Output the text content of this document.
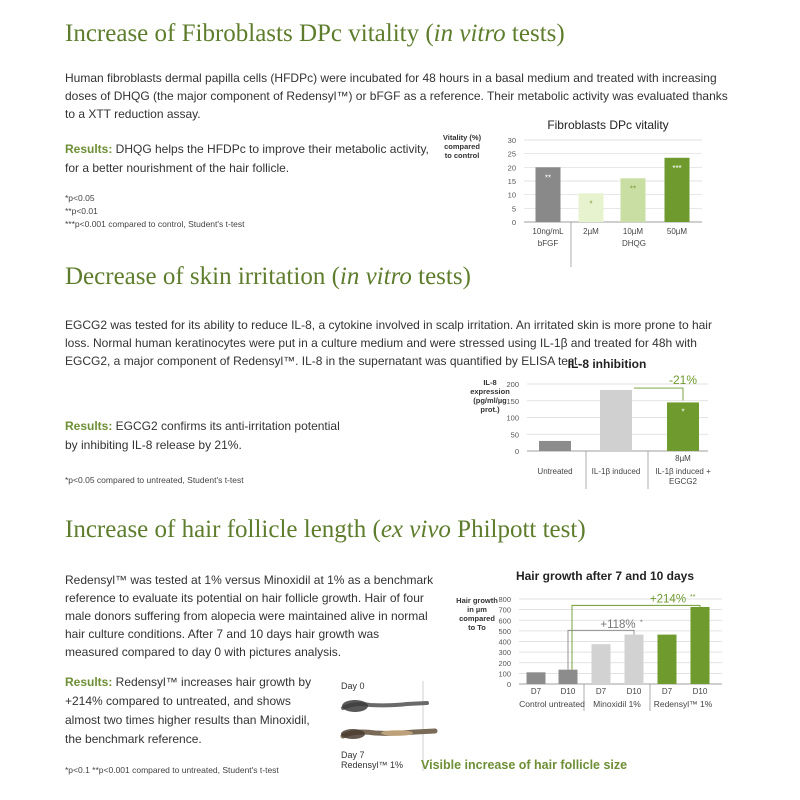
Increase of Fibroblasts DPc vitality (in vitro tests)

Human fibroblasts dermal papilla cells (HFDPc) were incubated for 48 hours in a basal medium and treated with increasing doses of DHQG (the major component of Redensyl™) or bFGF as a reference. Their metabolic activity was evaluated thanks to a XTT reduction assay.

Results: DHQG helps the HFDPc to improve their metabolic activity, for a better nourishment of the hair follicle.

*p<0.05
**p<0.01
***p<0.001 compared to control, Student's t-test
Fibroblasts DPc vitality
Vitality (%)
compared
to control
0
5
10
15
20
25
30
**
10ng/mL
*
2µM
**
10µM
***
50µM
bFGF	DHQG
Decrease of skin irritation (in vitro tests)

EGCG2 was tested for its ability to reduce IL-8, a cytokine involved in scalp irritation. An irritated skin is more prone to hair loss. Normal human keratinocytes were put in a culture medium and were stressed using IL-1β and treated for 48h with EGCG2, a major component of Redensyl™. IL-8 in the supernatant was quantified by ELISA test.

Results: EGCG2 confirms its anti-irritation potential by inhibiting IL-8 release by 21%.

*p<0.05 compared to untreated, Student's t-test
IL-8 inhibition
IL-8
expression
(pg/ml/µg
prot.)
0
50
100
150
200
*
8µM
Untreated IL-1β induced IL-1β induced +
EGCG2
-21%
Increase of hair follicle length (ex vivo Philpott test)

Redensyl™ was tested at 1% versus Minoxidil at 1% as a benchmark reference to evaluate its potential on hair follicle growth. Hair of four male donors suffering from alopecia were maintained alive in normal hair culture conditions. After 7 and 10 days hair growth was measured compared to day 0 with pictures analysis.

Results: Redensyl™ increases hair growth by +214% compared to untreated, and shows almost two times higher results than Minoxidil, the benchmark reference.

*p<0.1 **p<0.001 compared to untreated, Student's t-test
Day 0
Day 7
Redensyl™ 1% Visible increase of hair follicle size
Hair growth after 7 and 10 days
Hair growth
in µm
compared
to To
0
100
200
300
400
500
600
700
800
D7 D10	D7	D10	D7	D10
Control untreated Minoxidil 1% Redensyl™ 1%
+118% *
+214% **
